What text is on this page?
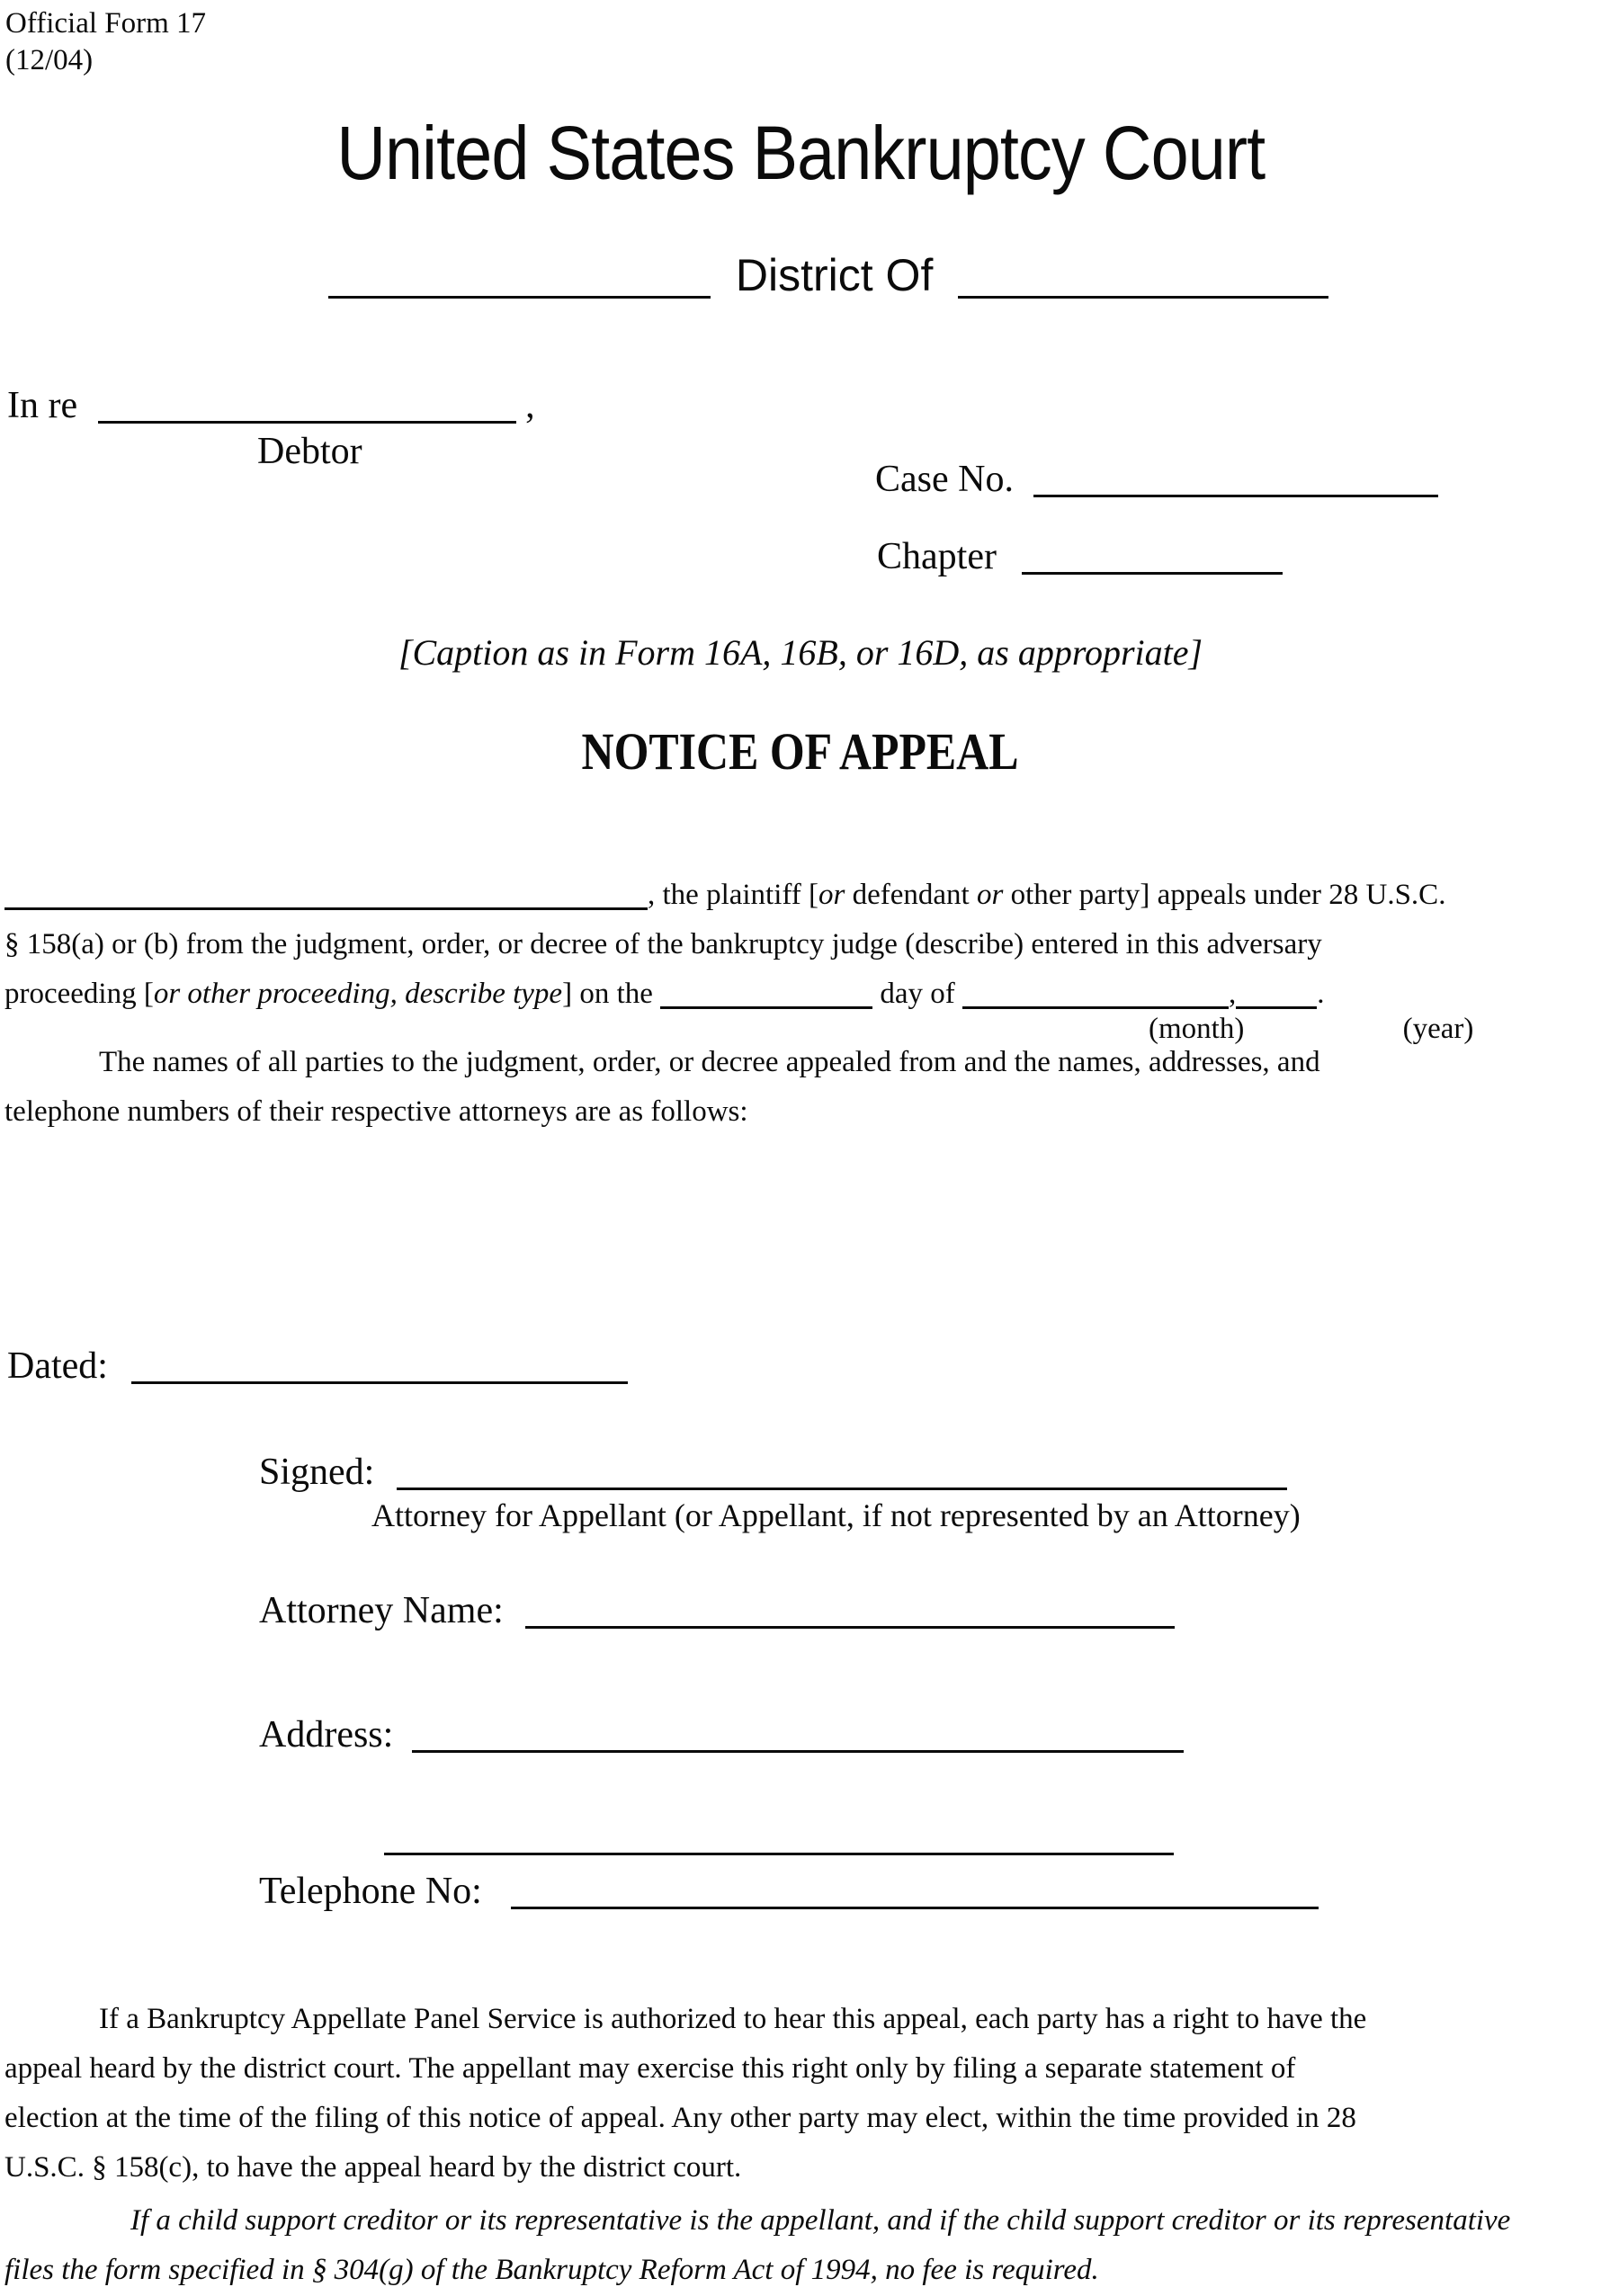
Official Form 17
(12/04)
United States Bankruptcy Court
District Of
In re	,
Debtor
Case No.
Chapter
[Caption as in Form 16A, 16B, or 16D, as appropriate]
NOTICE OF APPEAL
, the plaintiff [or defendant or other party] appeals under 28 U.S.C.
§ 158(a) or (b) from the judgment, order, or decree of the bankruptcy judge (describe) entered in this adversary
proceeding [or other proceeding, describe type] on the	day of	,	.
(month)	(year)
The names of all parties to the judgment, order, or decree appealed from and the names, addresses, and
telephone numbers of their respective attorneys are as follows:
Dated:
Signed:
Attorney for Appellant (or Appellant, if not represented by an Attorney)
Attorney Name:
Address:
Telephone No:
If a Bankruptcy Appellate Panel Service is authorized to hear this appeal, each party has a right to have the
appeal heard by the district court. The appellant may exercise this right only by filing a separate statement of
election at the time of the filing of this notice of appeal. Any other party may elect, within the time provided in 28
U.S.C. § 158(c), to have the appeal heard by the district court.
If a child support creditor or its representative is the appellant, and if the child support creditor or its representative
files the form specified in § 304(g) of the Bankruptcy Reform Act of 1994, no fee is required.
